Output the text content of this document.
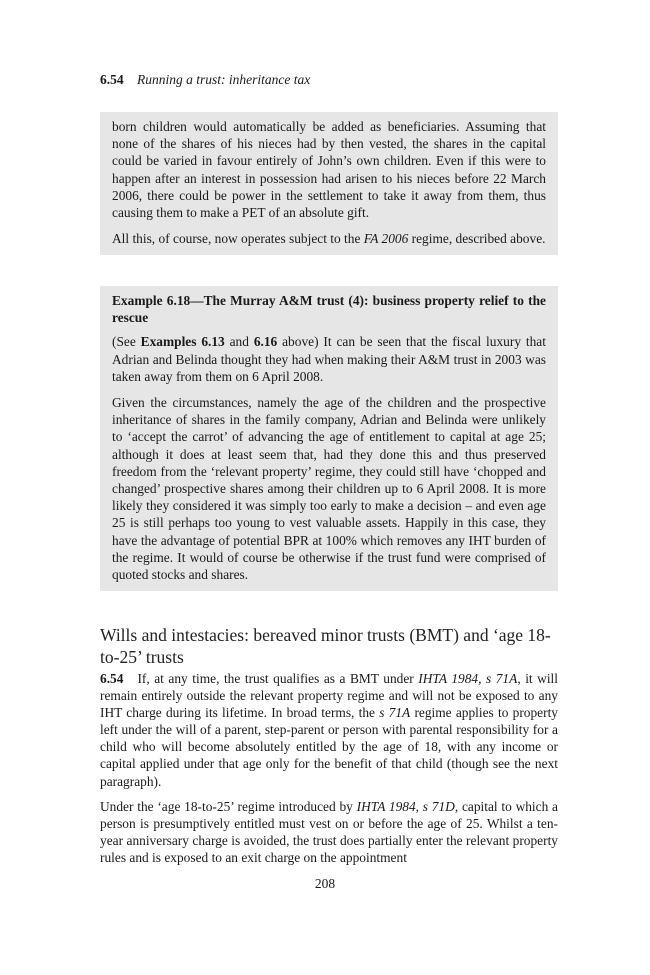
6.54 Running a trust: inheritance tax

born children would automatically be added as beneficiaries. Assuming that none of the shares of his nieces had by then vested, the shares in the capital could be varied in favour entirely of John’s own children. Even if this were to happen after an interest in possession had arisen to his nieces before 22 March 2006, there could be power in the settlement to take it away from them, thus causing them to make a PET of an absolute gift.

All this, of course, now operates subject to the FA 2006 regime, described above.

Example 6.18—The Murray A&M trust (4): business property relief to the rescue

(See Examples 6.13 and 6.16 above) It can be seen that the fiscal luxury that Adrian and Belinda thought they had when making their A&M trust in 2003 was taken away from them on 6 April 2008.

Given the circumstances, namely the age of the children and the prospective inheritance of shares in the family company, Adrian and Belinda were unlikely to ‘accept the carrot’ of advancing the age of entitlement to capital at age 25; although it does at least seem that, had they done this and thus preserved freedom from the ‘relevant property’ regime, they could still have ‘chopped and changed’ prospective shares among their children up to 6 April 2008. It is more likely they considered it was simply too early to make a decision – and even age 25 is still perhaps too young to vest valuable assets. Happily in this case, they have the advantage of potential BPR at 100% which removes any IHT burden of the regime. It would of course be otherwise if the trust fund were comprised of quoted stocks and shares.

Wills and intestacies: bereaved minor trusts (BMT) and ‘age 18-to-25’ trusts

6.54 If, at any time, the trust qualifies as a BMT under IHTA 1984, s 71A, it will remain entirely outside the relevant property regime and will not be exposed to any IHT charge during its lifetime. In broad terms, the s 71A regime applies to property left under the will of a parent, step-parent or person with parental responsibility for a child who will become absolutely entitled by the age of 18, with any income or capital applied under that age only for the benefit of that child (though see the next paragraph).

Under the ‘age 18-to-25’ regime introduced by IHTA 1984, s 71D, capital to which a person is presumptively entitled must vest on or before the age of 25. Whilst a ten-year anniversary charge is avoided, the trust does partially enter the relevant property rules and is exposed to an exit charge on the appointment

208
